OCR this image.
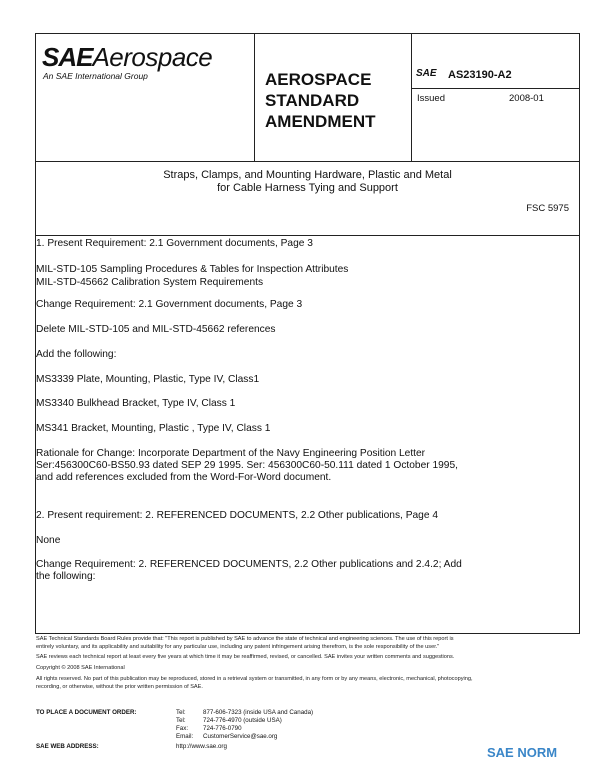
SAEAerospace
An SAE International Group	AEROSPACE
STANDARD
AMENDMENT
SAE AS23190-A2
Issued	2008-01
Straps, Clamps, and Mounting Hardware, Plastic and Metal
for Cable Harness Tying and Support
FSC 5975
1. Present Requirement: 2.1 Government documents, Page 3
MIL-STD-105 Sampling Procedures & Tables for Inspection Attributes
MIL-STD-45662 Calibration System Requirements
Change Requirement: 2.1 Government documents, Page 3
Delete MIL-STD-105 and MIL-STD-45662 references
Add the following:
MS3339 Plate, Mounting, Plastic, Type IV, Class1
MS3340 Bulkhead Bracket, Type IV, Class 1
MS341 Bracket, Mounting, Plastic , Type IV, Class 1
Rationale for Change: Incorporate Department of the Navy Engineering Position Letter
Ser:456300C60-BS50.93 dated SEP 29 1995. Ser: 456300C60-50.111 dated 1 October 1995,
and add references excluded from the Word-For-Word document.
2. Present requirement: 2. REFERENCED DOCUMENTS, 2.2 Other publications, Page 4
None
Change Requirement: 2. REFERENCED DOCUMENTS, 2.2 Other publications and 2.4.2; Add
the following:
SAE Technical Standards Board Rules provide that: "This report is published by SAE to advance the state of technical and engineering sciences. The use of this report is
entirely voluntary, and its applicability and suitability for any particular use, including any patent infringement arising therefrom, is the sole responsibility of the user."
SAE reviews each technical report at least every five years at which time it may be reaffirmed, revised, or cancelled. SAE invites your written comments and suggestions.
Copyright © 2008 SAE International
All rights reserved. No part of this publication may be reproduced, stored in a retrieval system or transmitted, in any form or by any means, electronic, mechanical, photocopying,
recording, or otherwise, without the prior written permission of SAE.
TO PLACE A DOCUMENT ORDER:	Tel:	877-606-7323 (inside USA and Canada)
Tel:	724-776-4970 (outside USA)
Fax: 724-776-0790
Email: CustomerService@sae.org
SAE WEB ADDRESS:	http://www.sae.org	SAE NORM
